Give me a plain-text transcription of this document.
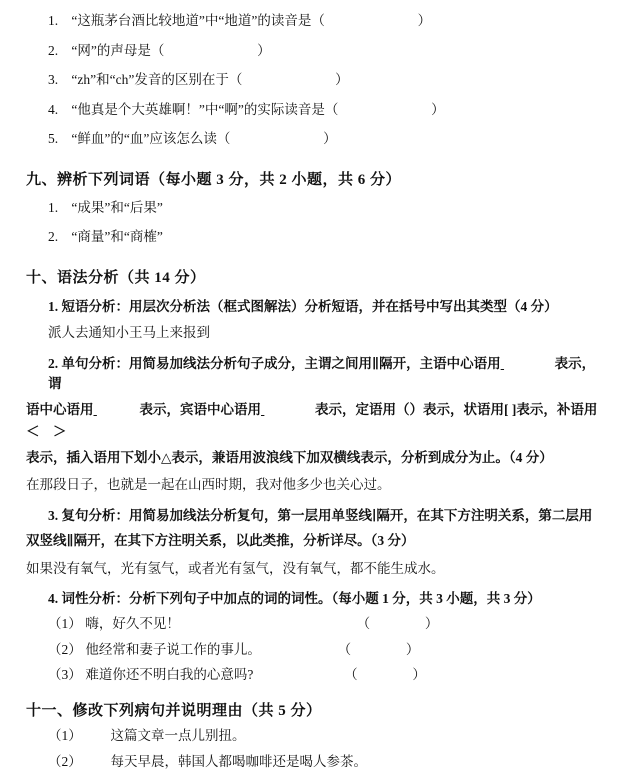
1. “这瓶茅台酒比较地道”中“地道”的读音是（	）
2. “网”的声母是（	）
3. “zh”和“ch”发音的区别在于（	）
4. “他真是个大英雄啊！”中“啊”的实际读音是（	）
5. “鲜血”的“血”应该怎么读（	）
九、辨析下列词语（每小题 3 分，共 2 小题，共 6 分）
1. “成果”和“后果”
2. “商量”和“商榷”
十、语法分析（共 14 分）
1. 短语分析：用层次分析法（框式图解法）分析短语，并在括号中写出其类型（4 分）
派人去通知小王马上来报到
2. 单句分析：用简易加线法分析句子成分，主谓之间用∥隔开，主语中心语用	表示，谓
语中心语用	表示，宾语中心语用	表示，定语用（）表示，状语用[ ]表示，补语用＜　＞
表示，插入语用下划小△表示，兼语用波浪线下加双横线表示，分析到成分为止。（4 分）
在那段日子，也就是一起在山西时期，我对他多少也关心过。
3. 复句分析：用简易加线法分析复句，第一层用单竖线∣隔开，在其下方注明关系，第二层用
双竖线∥隔开，在其下方注明关系，以此类推，分析详尽。（3 分）
如果没有氧气，光有氢气，或者光有氢气，没有氧气，都不能生成水。
4. 词性分析：分析下列句子中加点的词的词性。（每小题 1 分，共 3 小题，共 3 分）
（1） 嗨，好久不见！	（	）
（2） 他经常和妻子说工作的事儿。	（	）
（3） 难道你还不明白我的心意吗?	（	）
十一、修改下列病句并说明理由（共 5 分）
（1） 这篇文章一点儿别扭。
（2） 每天早晨，韩国人都喝咖啡还是喝人参茶。
